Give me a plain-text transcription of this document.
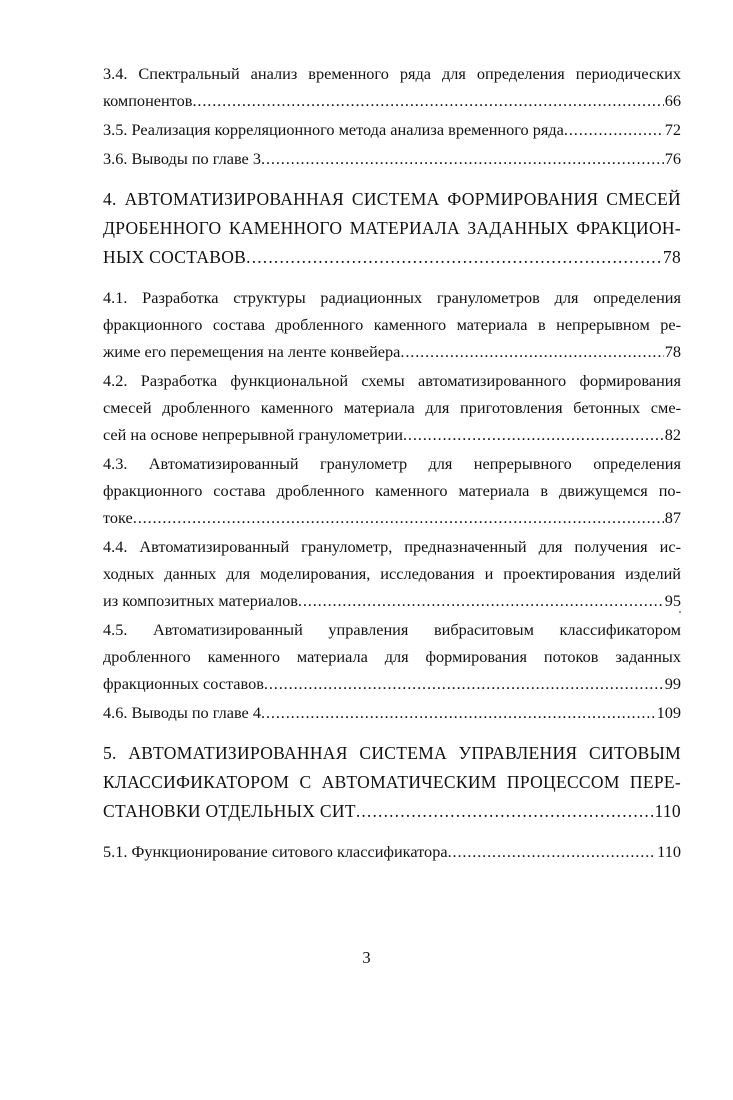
3.4. Спектральный анализ временного ряда для определения периодических
компонентов . . .	66
3.5. Реализация корреляционного метода анализа временного ряда . . .	72
3.6. Выводы по главе 3 . . .	76
4. АВТОМАТИЗИРОВАННАЯ СИСТЕМА ФОРМИРОВАНИЯ СМЕСЕЙ
ДРОБЕННОГО КАМЕННОГО МАТЕРИАЛА ЗАДАННЫХ ФРАКЦИОН-
НЫХ СОСТАВОВ . . .	78
4.1. Разработка структуры радиационных гранулометров для определения
фракционного состава дробленного каменного материала в непрерывном ре-
жиме его перемещения на ленте конвейера . . .	78
4.2. Разработка функциональной схемы автоматизированного формирования
смесей дробленного каменного материала для приготовления бетонных сме-
сей на основе непрерывной гранулометрии . . .	82
4.3. Автоматизированный гранулометр для непрерывного определения
фракционного состава дробленного каменного материала в движущемся по-
токе . . .	87
4.4. Автоматизированный гранулометр, предназначенный для получения ис-
ходных данных для моделирования, исследования и проектирования изделий
из композитных материалов . . .	95
4.5. Автоматизированный управления вибраситовым классификатором
дробленного каменного материала для формирования потоков заданных
фракционных составов . . .	99
4.6. Выводы по главе 4 . . .	109
5. АВТОМАТИЗИРОВАННАЯ СИСТЕМА УПРАВЛЕНИЯ СИТОВЫМ
КЛАССИФИКАТОРОМ С АВТОМАТИЧЕСКИМ ПРОЦЕССОМ ПЕРЕ-
СТАНОВКИ ОТДЕЛЬНЫХ СИТ . . .	110
5.1. Функционирование ситового классификатора . . .	110
3
